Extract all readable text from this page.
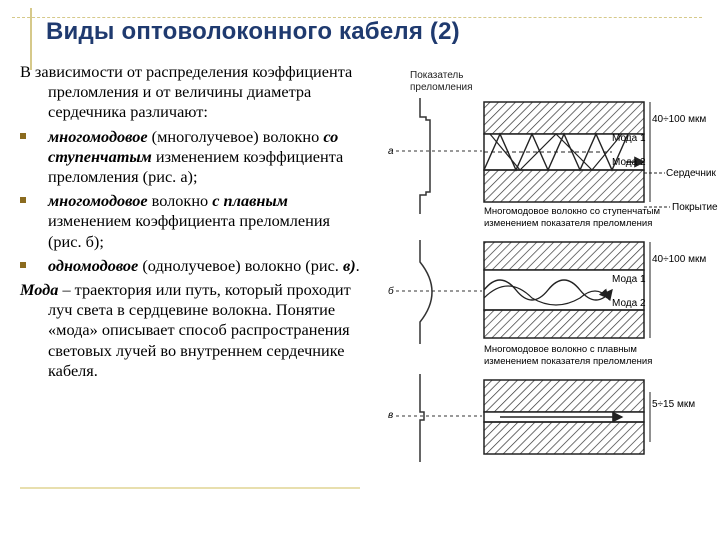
Виды оптоволоконного кабеля (2)

В зависимости от распределения коэффициента преломления и от величины диаметра сердечника различают:

многомодовое (многолучевое) волокно со ступенчатым изменением коэффициента преломления (рис. а);
многомодовое волокно с плавным изменением коэффициента преломления (рис. б);
одномодовое (однолучевое) волокно (рис. в).

Мода – траектория или путь, который проходит луч света в сердцевине волокна. Понятие «мода» описывает способ распространения световых лучей во внутреннем сердечнике кабеля.

Показатель
преломления
а
40÷100 мкм
Мода 1
Мода 2
Сердечник
Покрытие
Многомодовое волокно со ступенчатым
изменением показателя преломления
б
40÷100 мкм
Мода 1
Мода 2
Многомодовое волокно с плавным
изменением показателя преломления
в
5÷15 мкм
